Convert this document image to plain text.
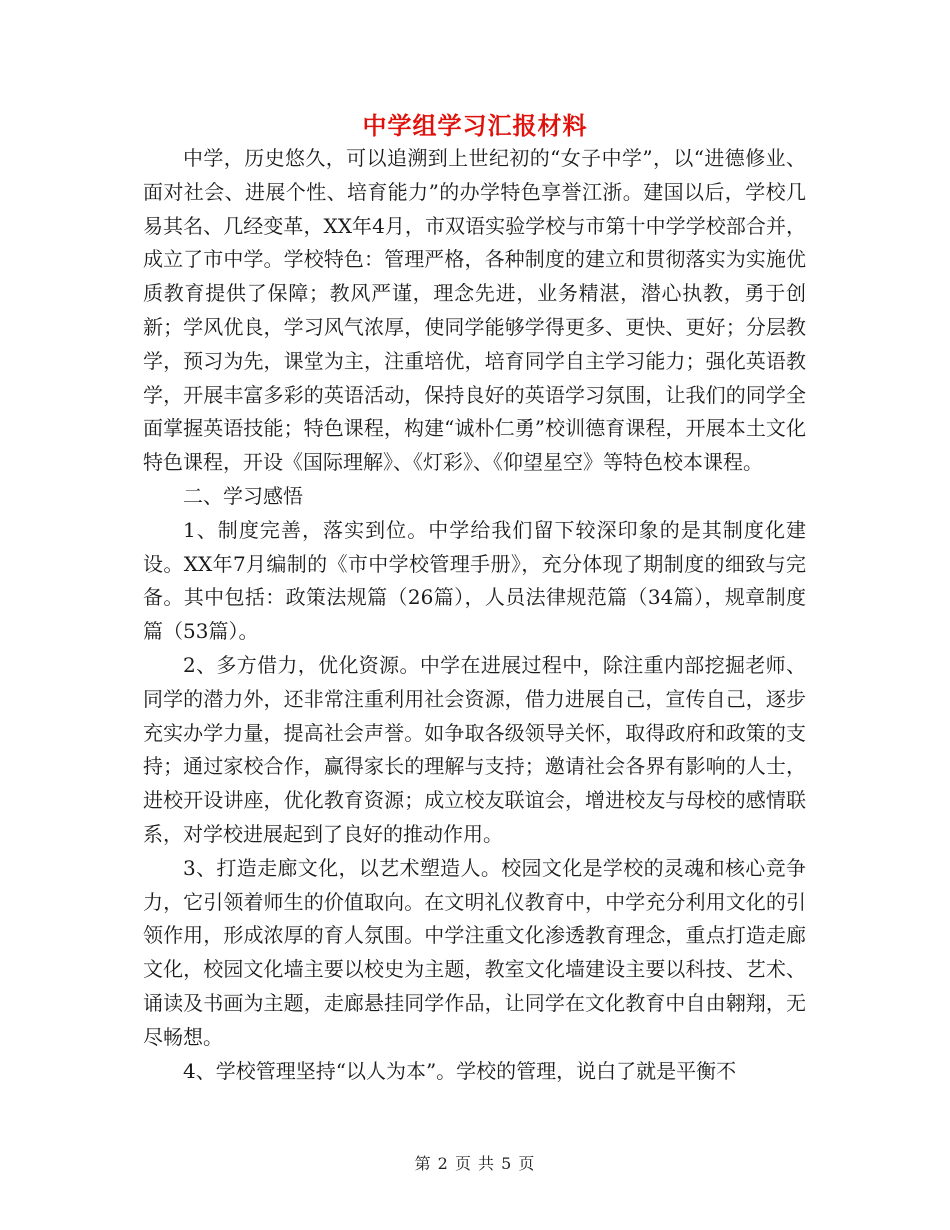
中学组学习汇报材料

中学，历史悠久，可以追溯到上世纪初的“女子中学”，以“进德修业、面对社会、进展个性、培育能力”的办学特色享誉江浙。建国以后，学校几易其名、几经变革，XX年4月，市双语实验学校与市第十中学学校部合并，成立了市中学。学校特色：管理严格，各种制度的建立和贯彻落实为实施优质教育提供了保障；教风严谨，理念先进，业务精湛，潜心执教，勇于创新；学风优良，学习风气浓厚，使同学能够学得更多、更快、更好；分层教学，预习为先，课堂为主，注重培优，培育同学自主学习能力；强化英语教学，开展丰富多彩的英语活动，保持良好的英语学习氛围，让我们的同学全面掌握英语技能；特色课程，构建“诚朴仁勇”校训德育课程，开展本土文化特色课程，开设《国际理解》、《灯彩》、《仰望星空》等特色校本课程。

二、学习感悟

1、制度完善，落实到位。中学给我们留下较深印象的是其制度化建设。XX年7月编制的《市中学校管理手册》，充分体现了期制度的细致与完备。其中包括：政策法规篇（26篇），人员法律规范篇（34篇），规章制度篇（53篇）。

2、多方借力，优化资源。中学在进展过程中，除注重内部挖掘老师、同学的潜力外，还非常注重利用社会资源，借力进展自己，宣传自己，逐步充实办学力量，提高社会声誉。如争取各级领导关怀，取得政府和政策的支持；通过家校合作，赢得家长的理解与支持；邀请社会各界有影响的人士，进校开设讲座，优化教育资源；成立校友联谊会，增进校友与母校的感情联系，对学校进展起到了良好的推动作用。

3、打造走廊文化，以艺术塑造人。校园文化是学校的灵魂和核心竞争力，它引领着师生的价值取向。在文明礼仪教育中，中学充分利用文化的引领作用，形成浓厚的育人氛围。中学注重文化渗透教育理念，重点打造走廊文化，校园文化墙主要以校史为主题，教室文化墙建设主要以科技、艺术、诵读及书画为主题，走廊悬挂同学作品，让同学在文化教育中自由翱翔，无尽畅想。

4、学校管理坚持“以人为本”。学校的管理，说白了就是平衡不

第 2 页 共 5 页
